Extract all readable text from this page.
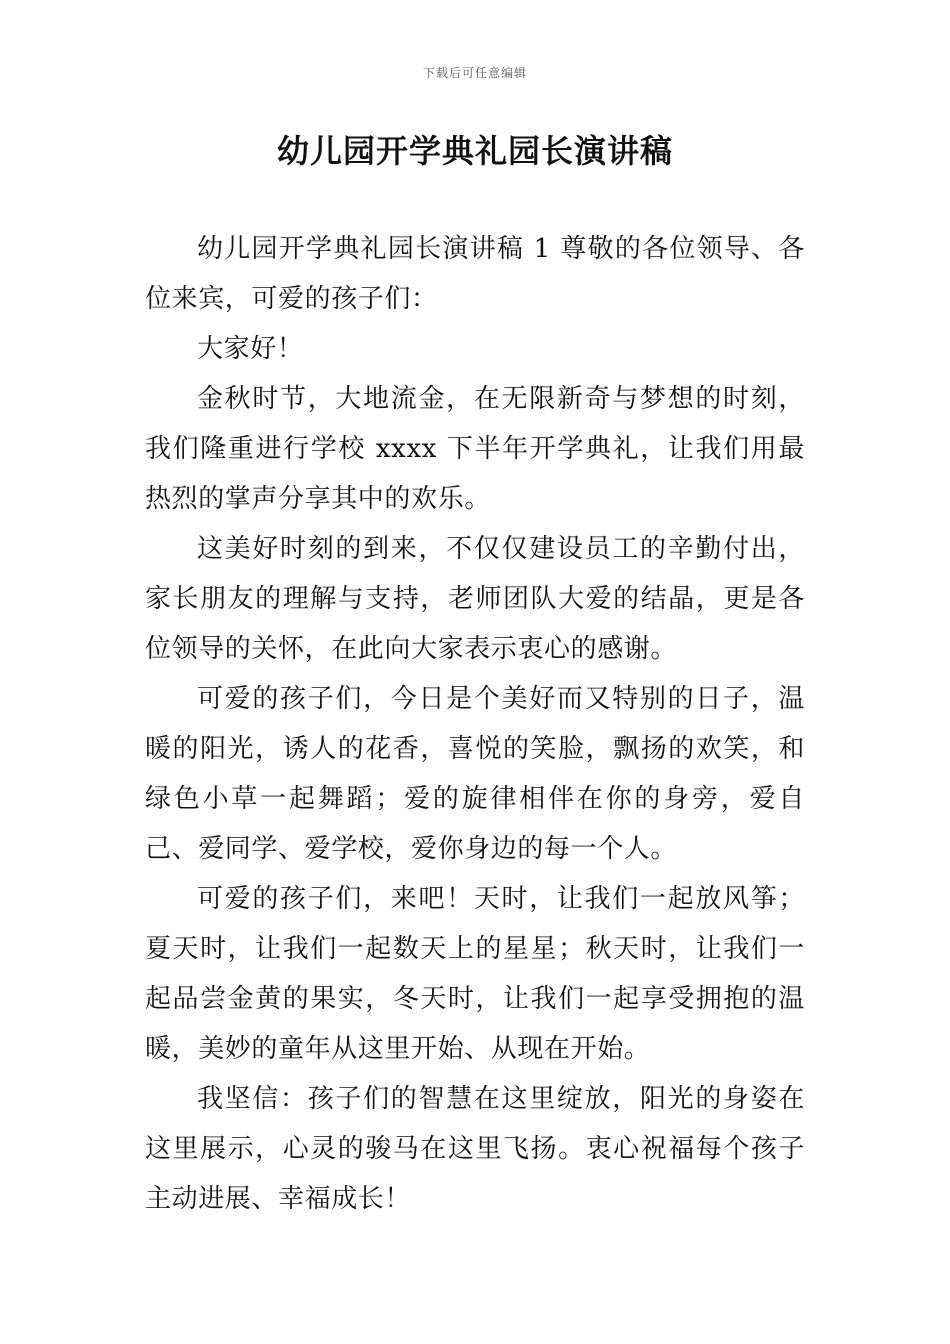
下载后可任意编辑
幼儿园开学典礼园长演讲稿

幼儿园开学典礼园长演讲稿 1 尊敬的各位领导、各位来宾，可爱的孩子们：

大家好！

金秋时节，大地流金，在无限新奇与梦想的时刻，我们隆重进行学校 xxxx 下半年开学典礼，让我们用最热烈的掌声分享其中的欢乐。

这美好时刻的到来，不仅仅建设员工的辛勤付出，家长朋友的理解与支持，老师团队大爱的结晶，更是各位领导的关怀，在此向大家表示衷心的感谢。

可爱的孩子们，今日是个美好而又特别的日子，温暖的阳光，诱人的花香，喜悦的笑脸，飘扬的欢笑，和绿色小草一起舞蹈；爱的旋律相伴在你的身旁，爱自己、爱同学、爱学校，爱你身边的每一个人。

可爱的孩子们，来吧！天时，让我们一起放风筝；夏天时，让我们一起数天上的星星；秋天时，让我们一起品尝金黄的果实，冬天时，让我们一起享受拥抱的温暖，美妙的童年从这里开始、从现在开始。

我坚信：孩子们的智慧在这里绽放，阳光的身姿在这里展示，心灵的骏马在这里飞扬。衷心祝福每个孩子主动进展、幸福成长！
